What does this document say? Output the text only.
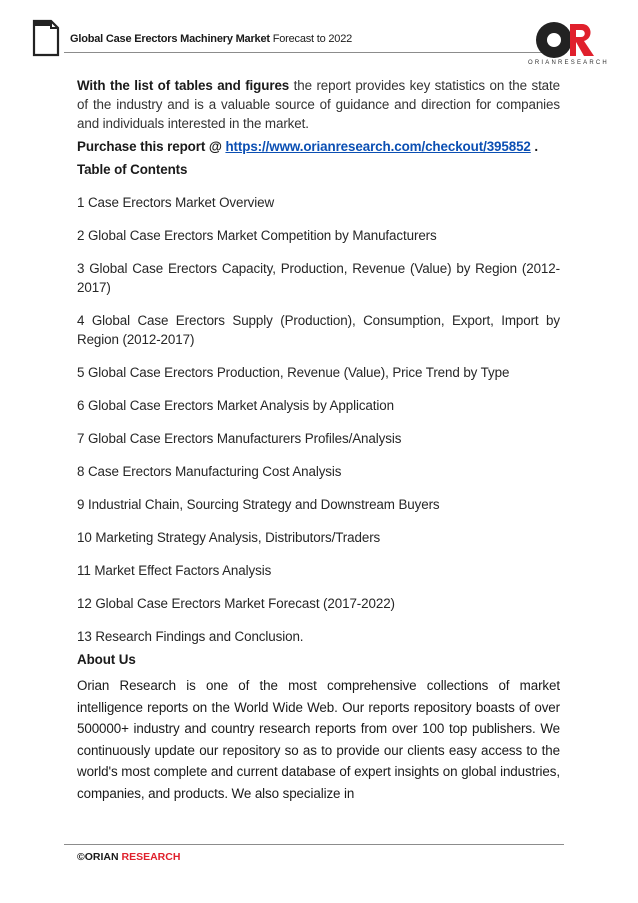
Global Case Erectors Machinery Market Forecast to 2022
ORIANRESEARCH

With the list of tables and figures the report provides key statistics on the state of the industry and is a valuable source of guidance and direction for companies and individuals interested in the market.

Purchase this report @ https://www.orianresearch.com/checkout/395852 .

Table of Contents

1 Case Erectors Market Overview
2 Global Case Erectors Market Competition by Manufacturers
3 Global Case Erectors Capacity, Production, Revenue (Value) by Region (2012-2017)
4 Global Case Erectors Supply (Production), Consumption, Export, Import by Region (2012-2017)
5 Global Case Erectors Production, Revenue (Value), Price Trend by Type
6 Global Case Erectors Market Analysis by Application
7 Global Case Erectors Manufacturers Profiles/Analysis
8 Case Erectors Manufacturing Cost Analysis
9 Industrial Chain, Sourcing Strategy and Downstream Buyers
10 Marketing Strategy Analysis, Distributors/Traders
11 Market Effect Factors Analysis
12 Global Case Erectors Market Forecast (2017-2022)
13 Research Findings and Conclusion.

About Us

Orian Research is one of the most comprehensive collections of market intelligence reports on the World Wide Web. Our reports repository boasts of over 500000+ industry and country research reports from over 100 top publishers. We continuously update our repository so as to provide our clients easy access to the world's most complete and current database of expert insights on global industries, companies, and products. We also specialize in

©ORIAN RESEARCH
